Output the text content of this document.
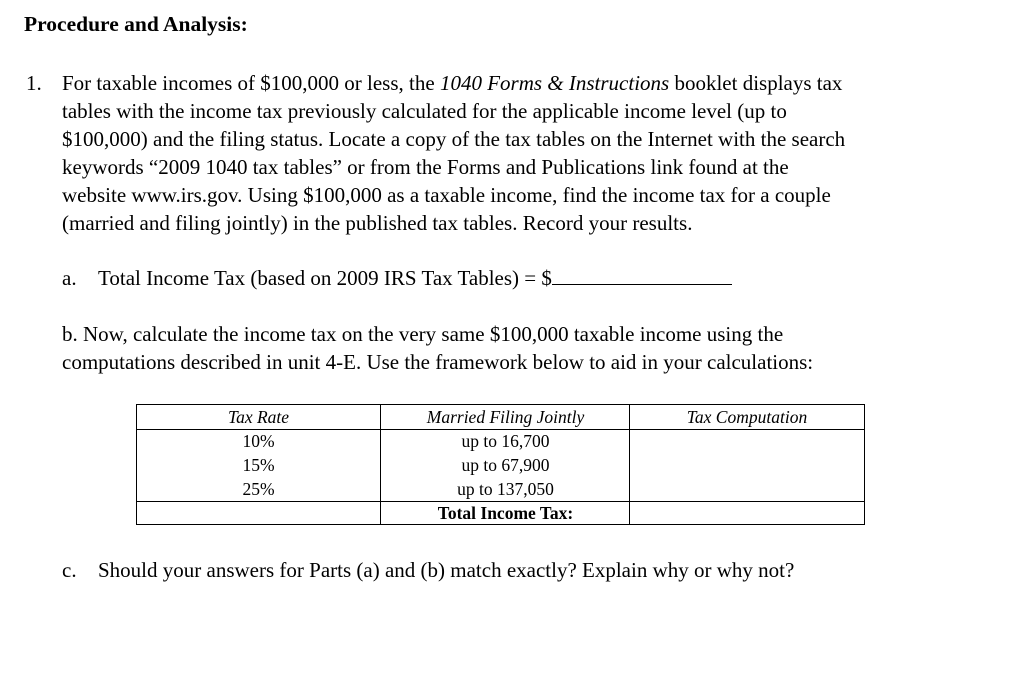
Procedure and Analysis:
1. For taxable incomes of $100,000 or less, the 1040 Forms & Instructions booklet displays tax
tables with the income tax previously calculated for the applicable income level (up to
$100,000) and the filing status. Locate a copy of the tax tables on the Internet with the search
keywords “2009 1040 tax tables” or from the Forms and Publications link found at the
website www.irs.gov. Using $100,000 as a taxable income, find the income tax for a couple
(married and filing jointly) in the published tax tables. Record your results.
a. Total Income Tax (based on 2009 IRS Tax Tables) = $
b. Now, calculate the income tax on the very same $100,000 taxable income using the
computations described in unit 4-E. Use the framework below to aid in your calculations:
Tax Rate
10%
15%
25%
Married Filing Jointly
up to 16,700
up to 67,900
up to 137,050
Total Income Tax:
Tax Computation
c. Should your answers for Parts (a) and (b) match exactly? Explain why or why not?
